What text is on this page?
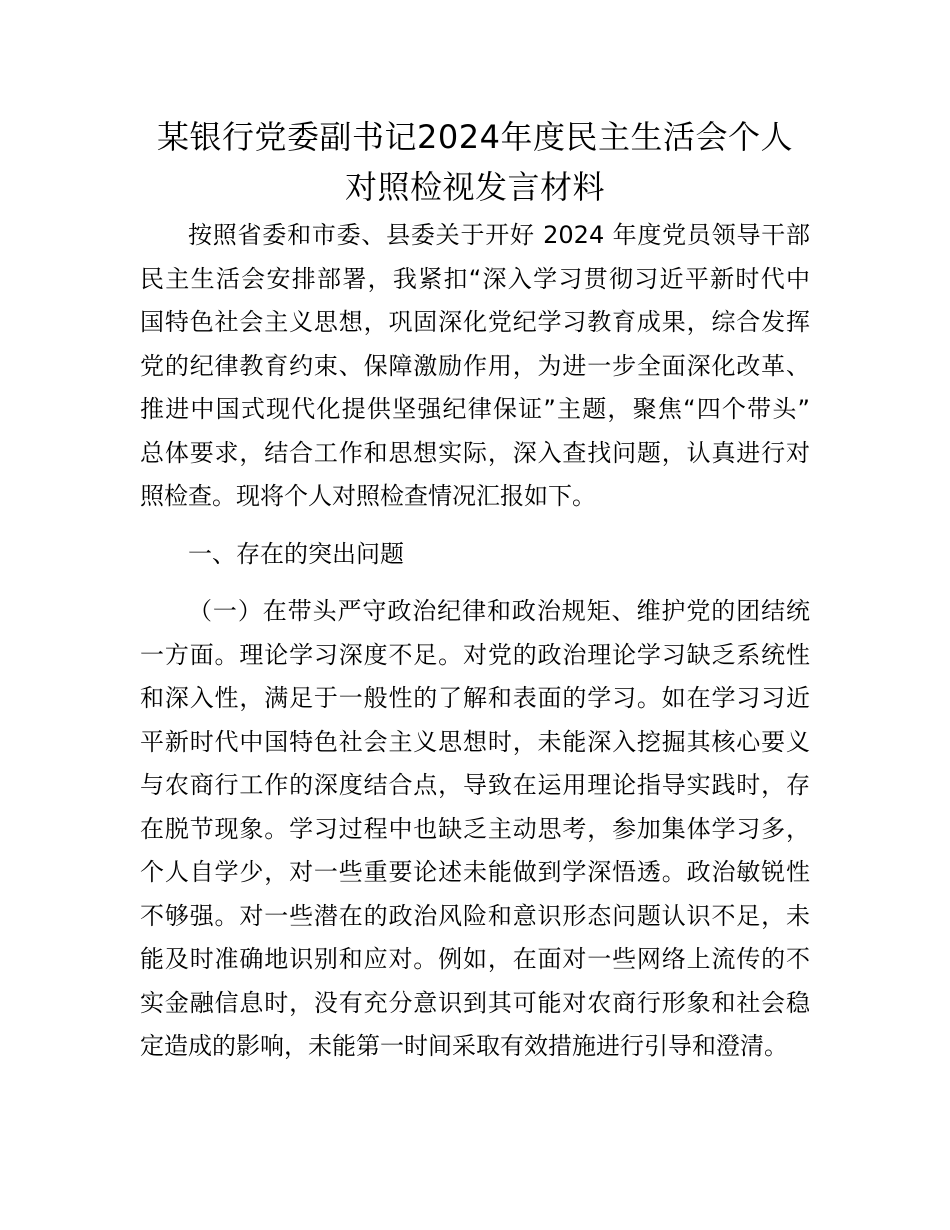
某银行党委副书记2024年度民主生活会个人
对照检视发言材料
按照省委和市委、县委关于开好 2024 年度党员领导干部
民主生活会安排部署，我紧扣“深入学习贯彻习近平新时代中
国特色社会主义思想，巩固深化党纪学习教育成果，综合发挥
党的纪律教育约束、保障激励作用，为进一步全面深化改革、
推进中国式现代化提供坚强纪律保证”主题，聚焦“四个带头”
总体要求，结合工作和思想实际，深入查找问题，认真进行对
照检查。现将个人对照检查情况汇报如下。
一、存在的突出问题
（一）在带头严守政治纪律和政治规矩、维护党的团结统
一方面。理论学习深度不足。对党的政治理论学习缺乏系统性
和深入性，满足于一般性的了解和表面的学习。如在学习习近
平新时代中国特色社会主义思想时，未能深入挖掘其核心要义
与农商行工作的深度结合点，导致在运用理论指导实践时，存
在脱节现象。学习过程中也缺乏主动思考，参加集体学习多，
个人自学少，对一些重要论述未能做到学深悟透。政治敏锐性
不够强。对一些潜在的政治风险和意识形态问题认识不足，未
能及时准确地识别和应对。例如，在面对一些网络上流传的不
实金融信息时，没有充分意识到其可能对农商行形象和社会稳
定造成的影响，未能第一时间采取有效措施进行引导和澄清。
